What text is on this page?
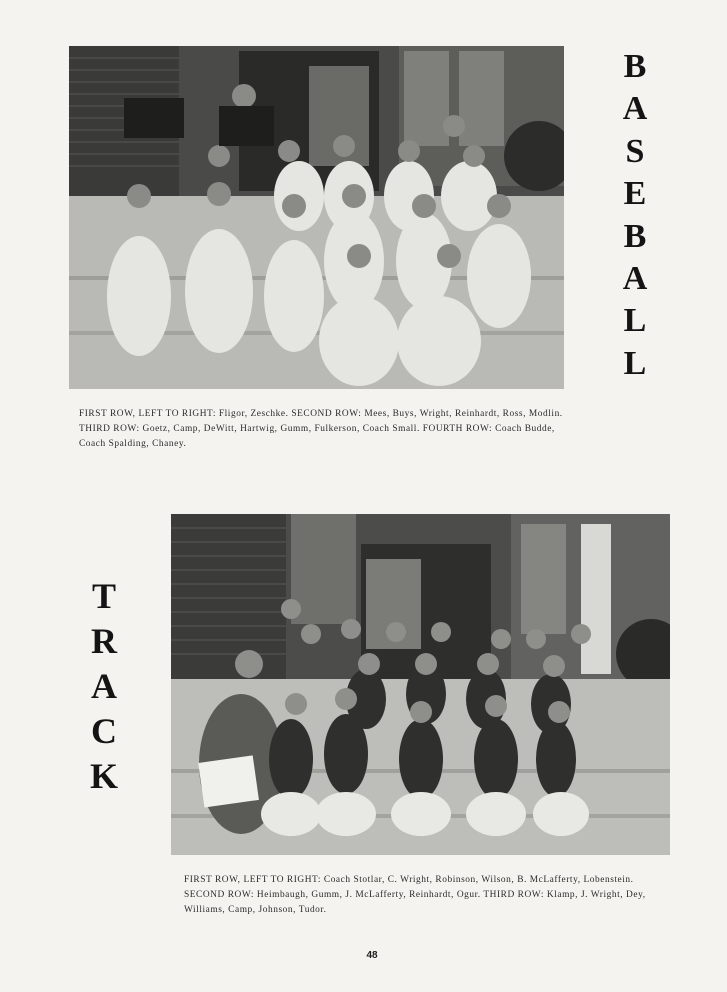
B
A
S
E
B
A
L
L

FIRST ROW, LEFT TO RIGHT: Fligor, Zeschke. SECOND ROW: Mees, Buys, Wright, Reinhardt, Ross, Modlin. THIRD ROW: Goetz, Camp, DeWitt, Hartwig, Gumm, Fulkerson, Coach Small. FOURTH ROW: Coach Budde, Coach Spalding, Chaney.

T
R
A
C
K

FIRST ROW, LEFT TO RIGHT: Coach Stotlar, C. Wright, Robinson, Wilson, B. McLafferty, Lobenstein. SECOND ROW: Heimbaugh, Gumm, J. McLafferty, Reinhardt, Ogur. THIRD ROW: Klamp, J. Wright, Dey, Williams, Camp, Johnson, Tudor.

48
